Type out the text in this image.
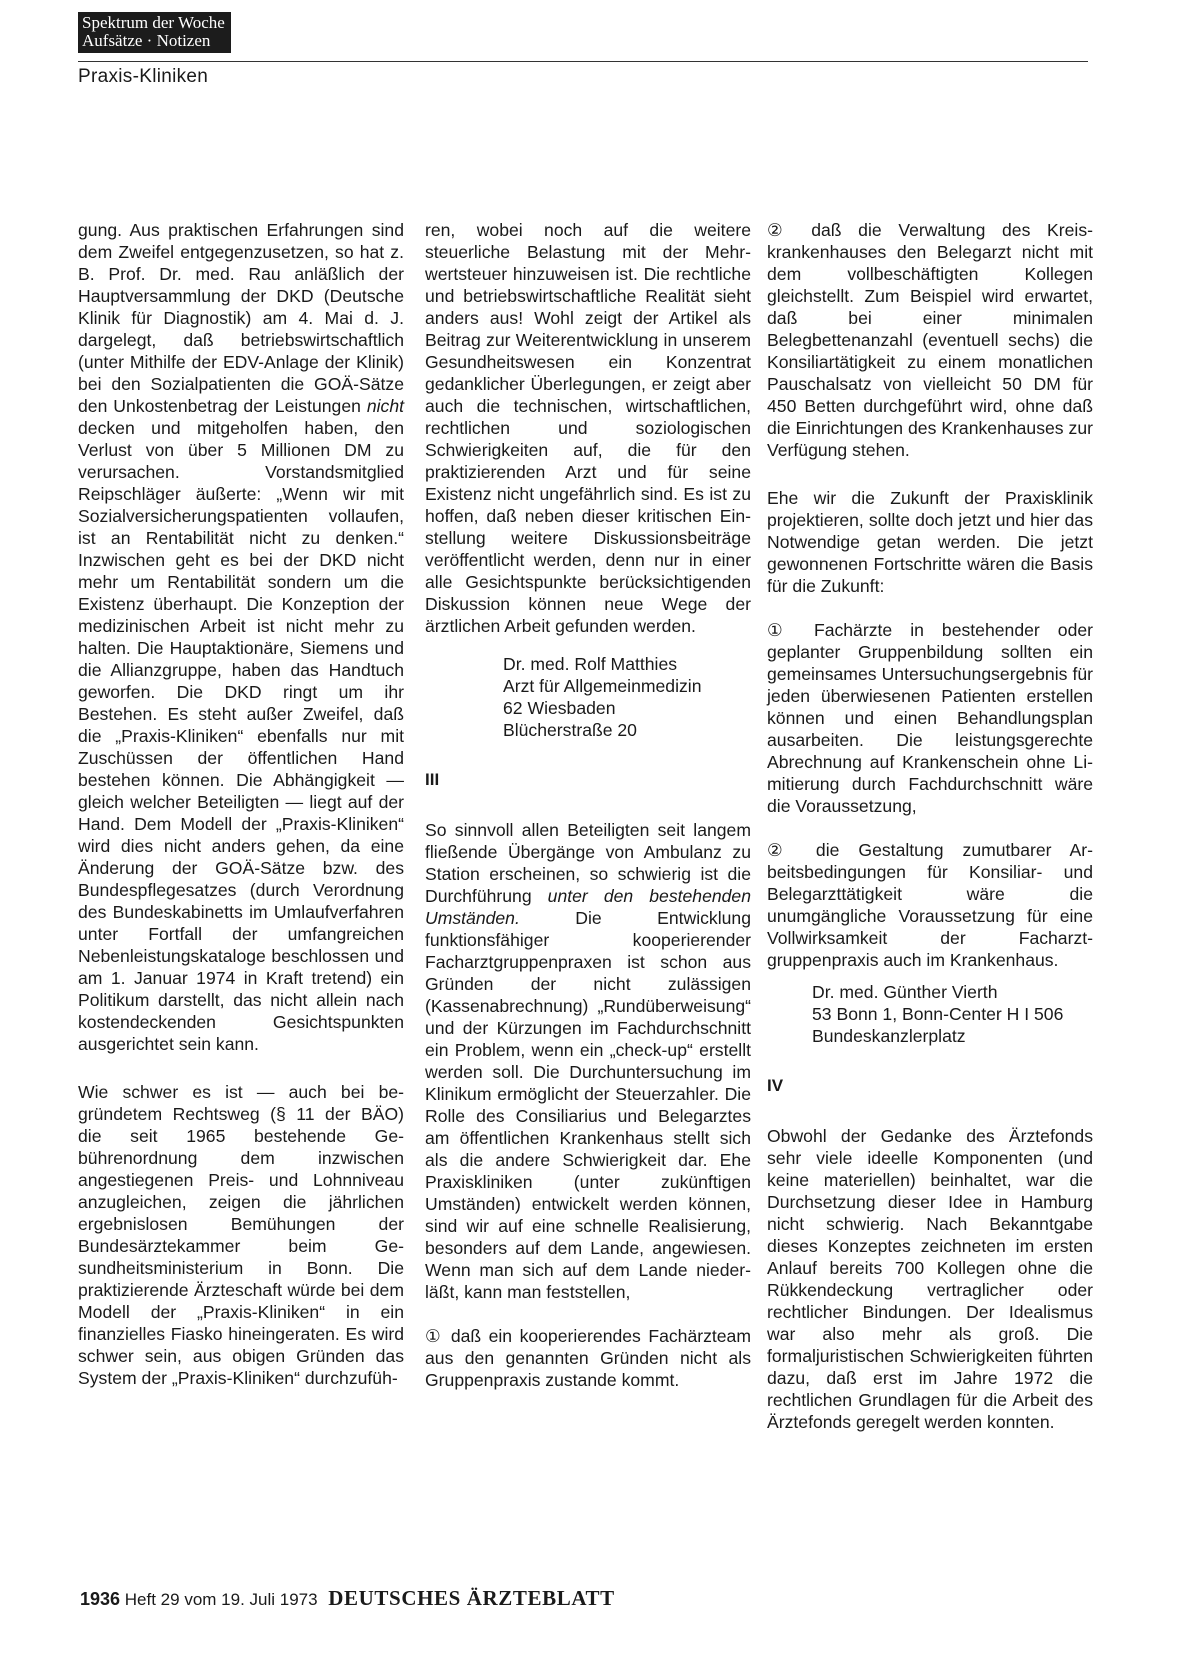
Spektrum der Woche
Aufsätze · Notizen
Praxis-Kliniken

gung. Aus praktischen Erfahrungen sind dem Zweifel entgegenzusetzen, so hat z. B. Prof. Dr. med. Rau anläßlich der Hauptversammlung der DKD (Deutsche Klinik für Diagnostik) am 4. Mai d. J. dargelegt, daß betriebswirtschaftlich (unter Mithilfe der EDV-Anlage der Klinik) bei den Sozialpatienten die GOÄ-Sätze den Unkostenbetrag der Leistungen nicht decken und mitgeholfen haben, den Verlust von über 5 Millionen DM zu verursachen. Vorstandsmitglied Reipschläger äußerte: „Wenn wir mit Sozialversicherungspatienten vollaufen, ist an Rentabilität nicht zu denken.“ Inzwischen geht es bei der DKD nicht mehr um Rentabilität sondern um die Existenz überhaupt. Die Konzeption der medizinischen Arbeit ist nicht mehr zu halten. Die Hauptaktionäre, Siemens und die Allianzgruppe, haben das Handtuch geworfen. Die DKD ringt um ihr Bestehen. Es steht außer Zweifel, daß die „Praxis-Kliniken“ ebenfalls nur mit Zuschüssen der öffentlichen Hand bestehen können. Die Abhängigkeit — gleich welcher Beteiligten — liegt auf der Hand. Dem Modell der „Praxis-Kliniken“ wird dies nicht anders gehen, da eine Änderung der GOÄ-Sätze bzw. des Bundespflegesatzes (durch Verordnung des Bundeskabinetts im Umlaufverfahren unter Fortfall der umfangreichen Nebenleistungskataloge beschlossen und am 1. Januar 1974 in Kraft tretend) ein Politikum darstellt, das nicht allein nach kostendeckenden Gesichtspunkten ausgerichtet sein kann.

Wie schwer es ist — auch bei begründetem Rechtsweg (§ 11 der BÄO) die seit 1965 bestehende Gebührenordnung dem inzwischen angestiegenen Preis- und Lohnniveau anzugleichen, zeigen die jährlichen ergebnislosen Bemühungen der Bundesärztekammer beim Gesundheitsministerium in Bonn. Die praktizierende Ärzteschaft würde bei dem Modell der „Praxis-Kliniken“ in ein finanzielles Fiasko hineingeraten. Es wird schwer sein, aus obigen Gründen das System der „Praxis-Kliniken“ durchzufüh-

ren, wobei noch auf die weitere steuerliche Belastung mit der Mehrwertsteuer hinzuweisen ist. Die rechtliche und betriebswirtschaftliche Realität sieht anders aus! Wohl zeigt der Artikel als Beitrag zur Weiterentwicklung in unserem Gesundheitswesen ein Konzentrat gedanklicher Überlegungen, er zeigt aber auch die technischen, wirtschaftlichen, rechtlichen und soziologischen Schwierigkeiten auf, die für den praktizierenden Arzt und für seine Existenz nicht ungefährlich sind. Es ist zu hoffen, daß neben dieser kritischen Einstellung weitere Diskussionsbeiträge veröffentlicht werden, denn nur in einer alle Gesichtspunkte berücksichtigenden Diskussion können neue Wege der ärztlichen Arbeit gefunden werden.

Dr. med. Rolf Matthies
Arzt für Allgemeinmedizin
62 Wiesbaden
Blücherstraße 20
III

So sinnvoll allen Beteiligten seit langem fließende Übergänge von Ambulanz zu Station erscheinen, so schwierig ist die Durchführung unter den bestehenden Umständen. Die Entwicklung funktionsfähiger kooperierender Facharztgruppenpraxen ist schon aus Gründen der nicht zulässigen (Kassenabrechnung) „Rundüberweisung“ und der Kürzungen im Fachdurchschnitt ein Problem, wenn ein „check-up“ erstellt werden soll. Die Durchuntersuchung im Klinikum ermöglicht der Steuerzahler. Die Rolle des Consiliarius und Belegarztes am öffentlichen Krankenhaus stellt sich als die andere Schwierigkeit dar. Ehe Praxiskliniken (unter zukünftigen Umständen) entwickelt werden können, sind wir auf eine schnelle Realisierung, besonders auf dem Lande, angewiesen. Wenn man sich auf dem Lande niederläßt, kann man feststellen,

① daß ein kooperierendes Fachärzteam aus den genannten Gründen nicht als Gruppenpraxis zustande kommt.

② daß die Verwaltung des Kreiskrankenhauses den Belegarzt nicht mit dem vollbeschäftigten Kollegen gleichstellt. Zum Beispiel wird erwartet, daß bei einer minimalen Belegbettenanzahl (eventuell sechs) die Konsiliartätigkeit zu einem monatlichen Pauschalsatz von vielleicht 50 DM für 450 Betten durchgeführt wird, ohne daß die Einrichtungen des Krankenhauses zur Verfügung stehen.

Ehe wir die Zukunft der Praxisklinik projektieren, sollte doch jetzt und hier das Notwendige getan werden. Die jetzt gewonnenen Fortschritte wären die Basis für die Zukunft:

① Fachärzte in bestehender oder geplanter Gruppenbildung sollten ein gemeinsames Untersuchungsergebnis für jeden überwiesenen Patienten erstellen können und einen Behandlungsplan ausarbeiten. Die leistungsgerechte Abrechnung auf Krankenschein ohne Limitierung durch Fachdurchschnitt wäre die Voraussetzung,

② die Gestaltung zumutbarer Arbeitsbedingungen für Konsiliar- und Belegarzttätigkeit wäre die unumgängliche Voraussetzung für eine Vollwirksamkeit der Facharztgruppenpraxis auch im Krankenhaus.

Dr. med. Günther Vierth
53 Bonn 1, Bonn-Center H I 506
Bundeskanzlerplatz
IV

Obwohl der Gedanke des Ärztefonds sehr viele ideelle Komponenten (und keine materiellen) beinhaltet, war die Durchsetzung dieser Idee in Hamburg nicht schwierig. Nach Bekanntgabe dieses Konzeptes zeichneten im ersten Anlauf bereits 700 Kollegen ohne die Rükkendeckung vertraglicher oder rechtlicher Bindungen. Der Idealismus war also mehr als groß. Die formaljuristischen Schwierigkeiten führten dazu, daß erst im Jahre 1972 die rechtlichen Grundlagen für die Arbeit des Ärztefonds geregelt werden konnten.

1936 Heft 29 vom 19. Juli 1973 DEUTSCHES ÄRZTEBLATT
